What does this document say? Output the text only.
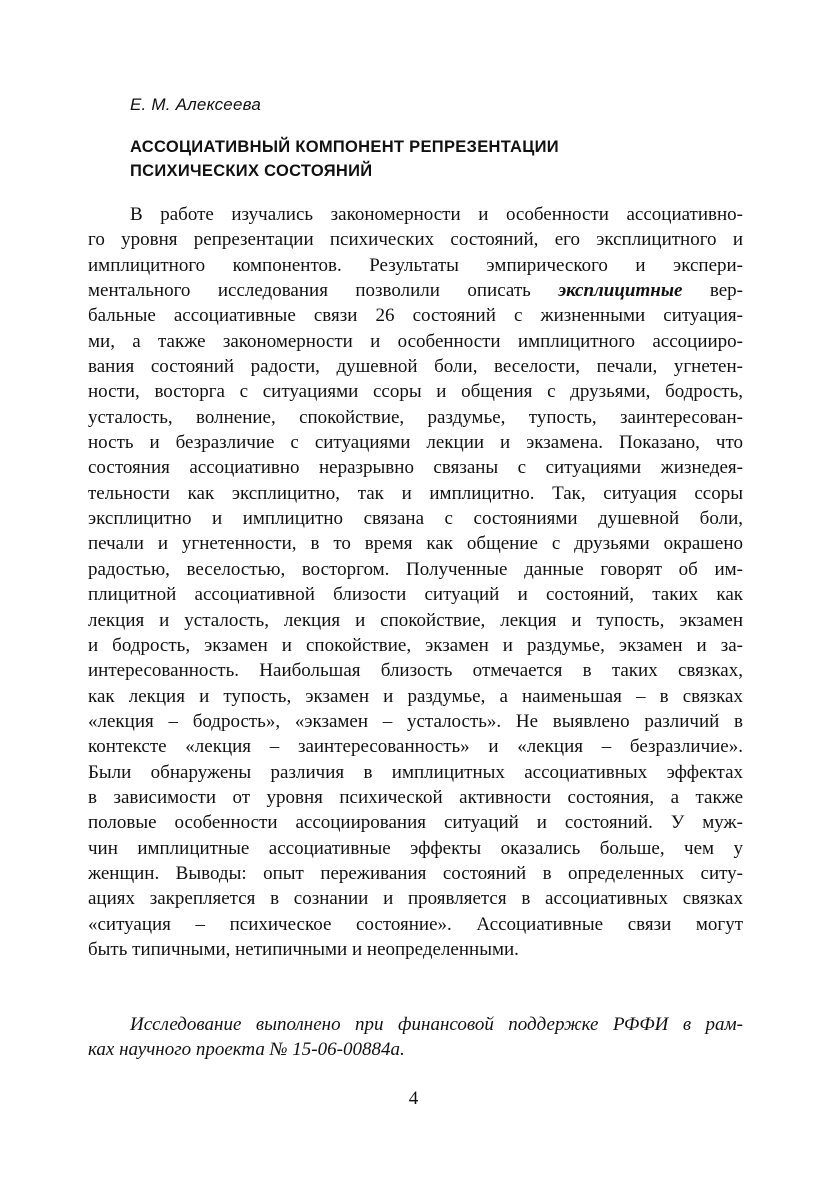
Е. М. Алексеева
АССОЦИАТИВНЫЙ КОМПОНЕНТ РЕПРЕЗЕНТАЦИИ
ПСИХИЧЕСКИХ СОСТОЯНИЙ
В работе изучались закономерности и особенности ассоциативно-
го уровня репрезентации психических состояний, его эксплицитного и
имплицитного компонентов. Результаты эмпирического и экспери-
ментального исследования позволили описать эксплицитные вер-
бальные ассоциативные связи 26 состояний с жизненными ситуация-
ми, а также закономерности и особенности имплицитного ассоцииро-
вания состояний радости, душевной боли, веселости, печали, угнетен-
ности, восторга с ситуациями ссоры и общения с друзьями, бодрость,
усталость, волнение, спокойствие, раздумье, тупость, заинтересован-
ность и безразличие с ситуациями лекции и экзамена. Показано, что
состояния ассоциативно неразрывно связаны с ситуациями жизнедея-
тельности как эксплицитно, так и имплицитно. Так, ситуация ссоры
эксплицитно и имплицитно связана с состояниями душевной боли,
печали и угнетенности, в то время как общение с друзьями окрашено
радостью, веселостью, восторгом. Полученные данные говорят об им-
плицитной ассоциативной близости ситуаций и состояний, таких как
лекция и усталость, лекция и спокойствие, лекция и тупость, экзамен
и бодрость, экзамен и спокойствие, экзамен и раздумье, экзамен и за-
интересованность. Наибольшая близость отмечается в таких связках,
как лекция и тупость, экзамен и раздумье, а наименьшая – в связках
«лекция – бодрость», «экзамен – усталость». Не выявлено различий в
контексте «лекция – заинтересованность» и «лекция – безразличие».
Были обнаружены различия в имплицитных ассоциативных эффектах
в зависимости от уровня психической активности состояния, а также
половые особенности ассоциирования ситуаций и состояний. У муж-
чин имплицитные ассоциативные эффекты оказались больше, чем у
женщин. Выводы: опыт переживания состояний в определенных ситу-
ациях закрепляется в сознании и проявляется в ассоциативных связках
«ситуация – психическое состояние». Ассоциативные связи могут
быть типичными, нетипичными и неопределенными.
Исследование выполнено при финансовой поддержке РФФИ в рам-
ках научного проекта № 15-06-00884а.
4
